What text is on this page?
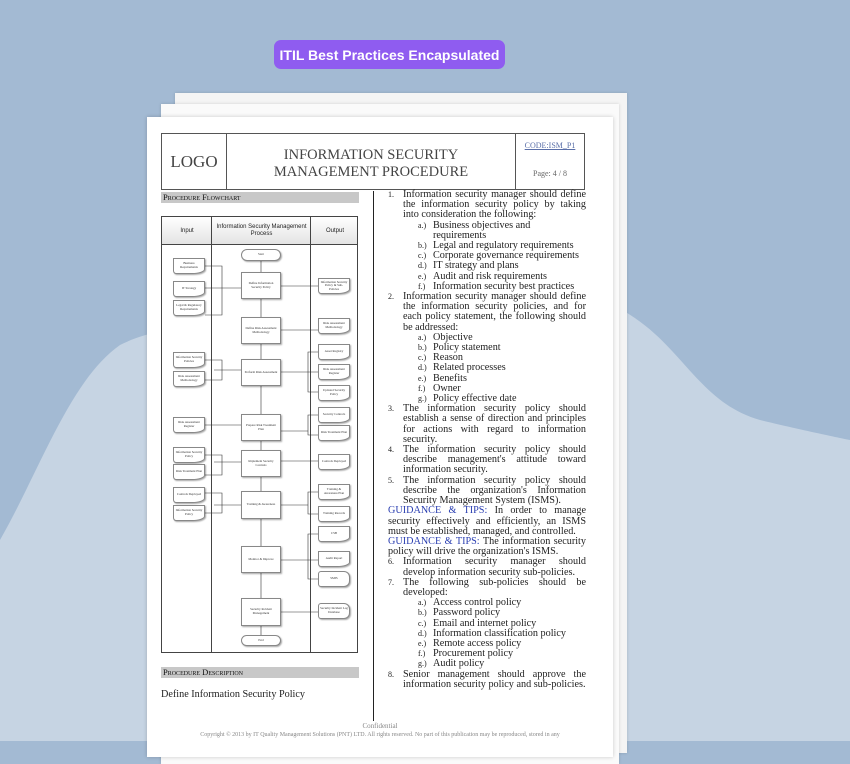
LOGO	INFORMATION SECURITY
MANAGEMENT PROCEDURE
CODE:ISM_P1
Page: 4 / 8
Procedure Flowchart
Input
Information Security Management Process
Output
Start
Define Information Security Policy
Define Risk Assessment Methodology
Perform Risk Assessment
Prepare Risk Treatment Plan
Implement Security Controls
Training & Awareness
Monitor & Improve
Security Incident Management
End
Business Requirements
IT Strategy
Legal & Regulatory Requirements
Information Security Policies
Risk Assessment Methodology
Risk Assessment Register
Information Security Policy
Risk Treatment Plan
Controls Deployed
Information Security Policy
Information Security Policy & Sub-Policies
Risk Assessment Methodology
Asset Registry
Risk Assessment Register
Updated Security Policy
Security Controls
Risk Treatment Plan
Controls Deployed
Training & Awareness Plan
Training Records
CSB
Audit Report
SMIS
Security Incident Log Database
1. Information security manager should define the information security policy by taking into consideration the following:
a.) Business objectives and requirements
b.) Legal and regulatory requirements
c.) Corporate governance requirements
d.) IT strategy and plans
e.) Audit and risk requirements
f.) Information security best practices
2. Information security manager should define the information security policies, and for each policy statement, the following should be addressed:
a.) Objective
b.) Policy statement
c.) Reason
d.) Related processes
e.) Benefits
f.) Owner
g.) Policy effective date
3. The information security policy should establish a sense of direction and principles for actions with regard to information security.
4. The information security policy should describe management's attitude toward information security.
5. The information security policy should describe the organization's Information Security Management System (ISMS).
GUIDANCE & TIPS: In order to manage security effectively and efficiently, an ISMS must be established, managed, and controlled.
GUIDANCE & TIPS: The information security policy will drive the organization's ISMS.
6. Information security manager should develop information security sub-policies.
7. The following sub-policies should be developed:
a.) Access control policy
b.) Password policy
c.) Email and internet policy
d.) Information classification policy
e.) Remote access policy
f.) Procurement policy
g.) Audit policy
8. Senior management should approve the information security policy and sub-policies.
Procedure Description
Define Information Security Policy
Confidential
Copyright © 2013 by IT Quality Management Solutions (PNT) LTD. All rights reserved. No part of this publication may be reproduced, stored in any
ITIL Best Practices Encapsulated
